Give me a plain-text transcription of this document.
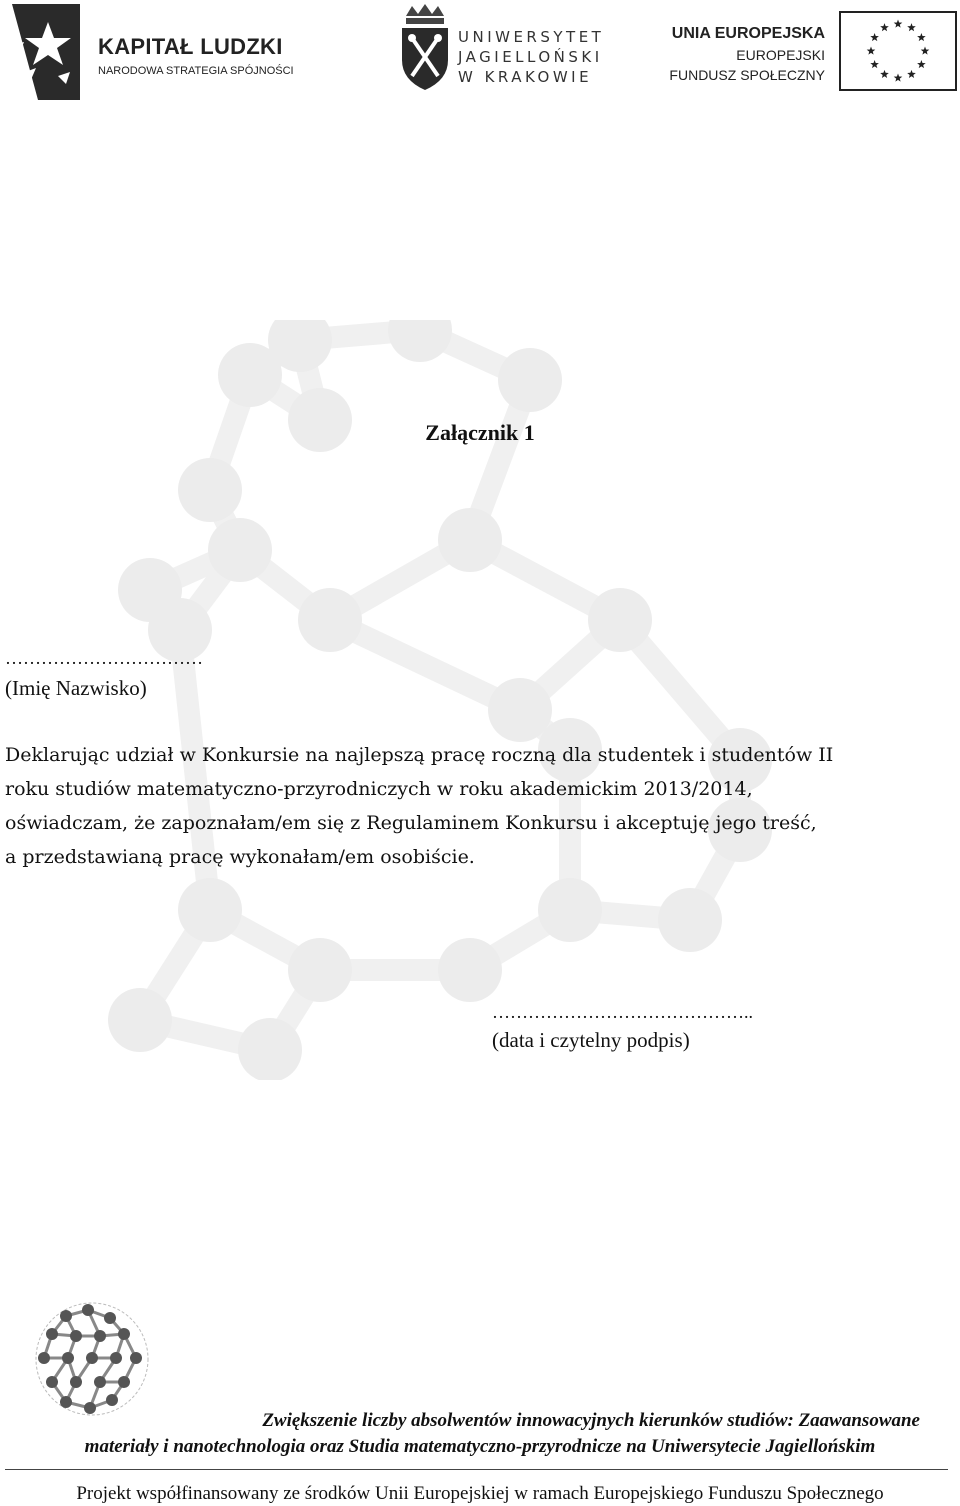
KAPITAŁ LUDZKI
NARODOWA STRATEGIA SPÓJNOŚCI
UNIWERSYTET
JAGIELLOŃSKI
W KRAKOWIE
UNIA EUROPEJSKA
EUROPEJSKI
FUNDUSZ SPOŁECZNY
Załącznik 1
……………………………
(Imię Nazwisko)

Deklarując udział w Konkursie na najlepszą pracę roczną dla studentek i studentów II

roku studiów matematyczno-przyrodniczych w roku akademickim 2013/2014,

oświadczam, że zapoznałam/em się z Regulaminem Konkursu i akceptuję jego treść,

a przedstawianą pracę wykonałam/em osobiście.

……………………………………..
(data i czytelny podpis)
Zwiększenie liczby absolwentów innowacyjnych kierunków studiów: Zaawansowane
materiały i nanotechnologia oraz Studia matematyczno-przyrodnicze na Uniwersytecie Jagiellońskim
Projekt współfinansowany ze środków Unii Europejskiej w ramach Europejskiego Funduszu Społecznego
